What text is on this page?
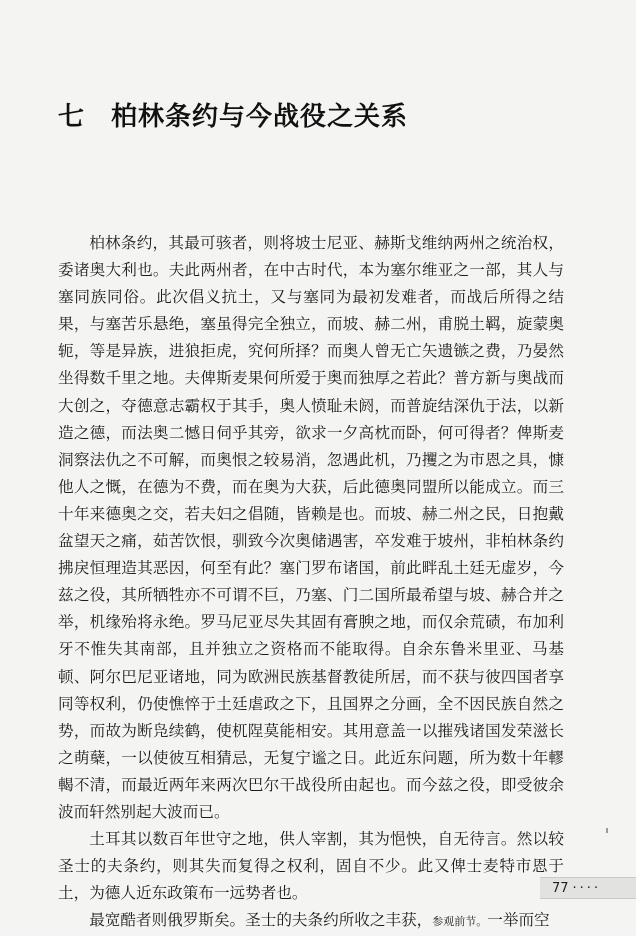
七 柏林条约与今战役之关系

柏林条约，其最可骇者，则将坡士尼亚、赫斯戈维纳两州之统治权，委诸奥大利也。夫此两州者，在中古时代，本为塞尔维亚之一部，其人与塞同族同俗。此次倡义抗土，又与塞同为最初发难者，而战后所得之结果，与塞苦乐悬绝，塞虽得完全独立，而坡、赫二州，甫脱土羁，旋蒙奥轭，等是异族，进狼拒虎，究何所择？而奥人曾无亡矢遗镞之费，乃晏然坐得数千里之地。夫俾斯麦果何所爱于奥而独厚之若此？普方新与奥战而大创之，夺德意志霸权于其手，奥人愤耻未阏，而普旋结深仇于法，以新造之德，而法奥二憾日伺乎其旁，欲求一夕高枕而卧，何可得者？俾斯麦洞察法仇之不可解，而奥恨之较易消，忽遇此机，乃攫之为市恩之具，慷他人之慨，在德为不费，而在奥为大获，后此德奥同盟所以能成立。而三十年来德奥之交，若夫妇之倡随，皆赖是也。而坡、赫二州之民，日抱戴盆望天之痛，茹苦饮恨，驯致今次奥储遇害，卒发难于坡州，非柏林条约拂戾恒理造其恶因，何至有此？塞门罗布诸国，前此畔乱土廷无虚岁，今兹之役，其所牺牲亦不可谓不巨，乃塞、门二国所最希望与坡、赫合并之举，机缘殆将永绝。罗马尼亚尽失其固有膏腴之地，而仅余荒碛，布加利牙不惟失其南部，且并独立之资格而不能取得。自余东鲁米里亚、马基顿、阿尔巴尼亚诸地，同为欧洲民族基督教徒所居，而不获与彼四国者享同等权利，仍使憔悴于土廷虐政之下，且国界之分画，全不因民族自然之势，而故为断凫续鹤，使杌陧莫能相安。其用意盖一以摧残诸国发荣滋长之萌蘖，一以使彼互相猜忌，无复宁谧之日。此近东问题，所为数十年轇輵不清，而最近两年来两次巴尔干战役所由起也。而今兹之役，即受彼余波而轩然别起大波而已。

土耳其以数百年世守之地，供人宰割，其为悒怏，自无待言。然以较圣士的夫条约，则其失而复得之权利，固自不少。此又俾士麦特市恩于土，为德人近东政策布一远势者也。

最宽酷者则俄罗斯矣。圣士的夫条约所收之丰获，参观前节。一举而空

77 ····
